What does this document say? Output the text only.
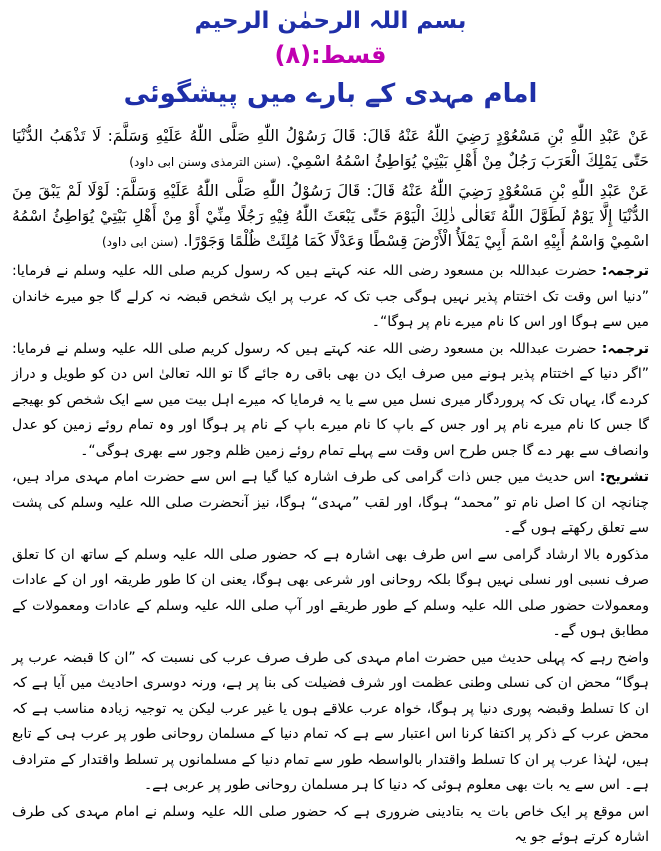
بسم اللہ الرحمٰن الرحیم
قسط:(۸)
امام مہدی کے بارے میں پیشگوئی

عَنْ عَبْدِ اللّٰهِ بْنِ مَسْعُوْدٍ رَضِيَ اللّٰهُ عَنْهُ قَالَ: قَالَ رَسُوْلُ اللّٰهِ صَلَّى اللّٰهُ عَلَيْهِ وَسَلَّمَ: لَا تَذْهَبُ الدُّنْيَا حَتّٰى يَمْلِكَ الْعَرَبَ رَجُلٌ مِنْ أَهْلِ بَيْتِيْ يُوَاطِئُ اسْمُهُ اسْمِيْ. (سنن الترمذی وسنن ابی داود)

عَنْ عَبْدِ اللّٰهِ بْنِ مَسْعُوْدٍ رَضِيَ اللّٰهُ عَنْهُ قَالَ: قَالَ رَسُوْلُ اللّٰهِ صَلَّى اللّٰهُ عَلَيْهِ وَسَلَّمَ: لَوْلَا لَمْ يَبْقَ مِنَ الدُّنْيَا إِلَّا يَوْمٌ لَطَوَّلَ اللّٰهُ تَعَالٰى ذٰلِكَ الْيَوْمَ حَتّٰى يَبْعَثَ اللّٰهُ فِيْهِ رَجُلًا مِنِّيْ أَوْ مِنْ أَهْلِ بَيْتِيْ يُوَاطِئُ اسْمُهُ اسْمِيْ وَاسْمُ أَبِيْهِ اسْمَ أَبِيْ يَمْلَأُ الْأَرْضَ قِسْطًا وَعَدْلًا كَمَا مُلِئَتْ ظُلْمًا وَجَوْرًا. (سنن ابی داود)

ترجمہ: حضرت عبداللہ بن مسعود رضی اللہ عنہ کہتے ہیں کہ رسول کریم صلی اللہ علیہ وسلم نے فرمایا: ”دنیا اس وقت تک اختتام پذیر نہیں ہوگی جب تک کہ عرب پر ایک شخص قبضہ نہ کرلے گا جو میرے خاندان میں سے ہوگا اور اس کا نام میرے نام پر ہوگا“۔

ترجمہ: حضرت عبداللہ بن مسعود رضی اللہ عنہ کہتے ہیں کہ رسول کریم صلی اللہ علیہ وسلم نے فرمایا: ”اگر دنیا کے اختتام پذیر ہونے میں صرف ایک دن بھی باقی رہ جائے گا تو اللہ تعالیٰ اس دن کو طویل و دراز کردے گا، یہاں تک کہ پروردگار میری نسل میں سے یا یہ فرمایا کہ میرے اہل بیت میں سے ایک شخص کو بھیجے گا جس کا نام میرے نام پر اور جس کے باپ کا نام میرے باپ کے نام پر ہوگا اور وہ تمام روئے زمین کو عدل وانصاف سے بھر دے گا جس طرح اس وقت سے پہلے تمام روئے زمین ظلم وجور سے بھری ہوگی“۔

تشریح: اس حدیث میں جس ذات گرامی کی طرف اشارہ کیا گیا ہے اس سے حضرت امام مہدی مراد ہیں، چنانچہ ان کا اصل نام تو ”محمد“ ہوگا، اور لقب ”مہدی“ ہوگا، نیز آنحضرت صلی اللہ علیہ وسلم کی پشت سے تعلق رکھتے ہوں گے۔

مذکورہ بالا ارشاد گرامی سے اس طرف بھی اشارہ ہے کہ حضور صلی اللہ علیہ وسلم کے ساتھ ان کا تعلق صرف نسبی اور نسلی نہیں ہوگا بلکہ روحانی اور شرعی بھی ہوگا، یعنی ان کا طور طریقہ اور ان کے عادات ومعمولات حضور صلی اللہ علیہ وسلم کے طور طریقے اور آپ صلی اللہ علیہ وسلم کے عادات ومعمولات کے مطابق ہوں گے۔

واضح رہے کہ پہلی حدیث میں حضرت امام مہدی کی طرف صرف عرب کی نسبت کہ ”ان کا قبضہ عرب پر ہوگا“ محض ان کی نسلی وطنی عظمت اور شرف فضیلت کی بنا پر ہے، ورنہ دوسری احادیث میں آیا ہے کہ ان کا تسلط وقبضہ پوری دنیا پر ہوگا، خواہ عرب علاقے ہوں یا غیر عرب لیکن یہ توجیہ زیادہ مناسب ہے کہ محض عرب کے ذکر پر اکتفا کرنا اس اعتبار سے ہے کہ تمام دنیا کے مسلمان روحانی طور پر عرب ہی کے تابع ہیں، لہٰذا عرب پر ان کا تسلط واقتدار بالواسطہ طور سے تمام دنیا کے مسلمانوں پر تسلط واقتدار کے مترادف ہے۔ اس سے یہ بات بھی معلوم ہوئی کہ دنیا کا ہر مسلمان روحانی طور پر عربی ہے۔

اس موقع پر ایک خاص بات یہ بتادینی ضروری ہے کہ حضور صلی اللہ علیہ وسلم نے امام مہدی کی طرف اشارہ کرتے ہوئے جو یہ
